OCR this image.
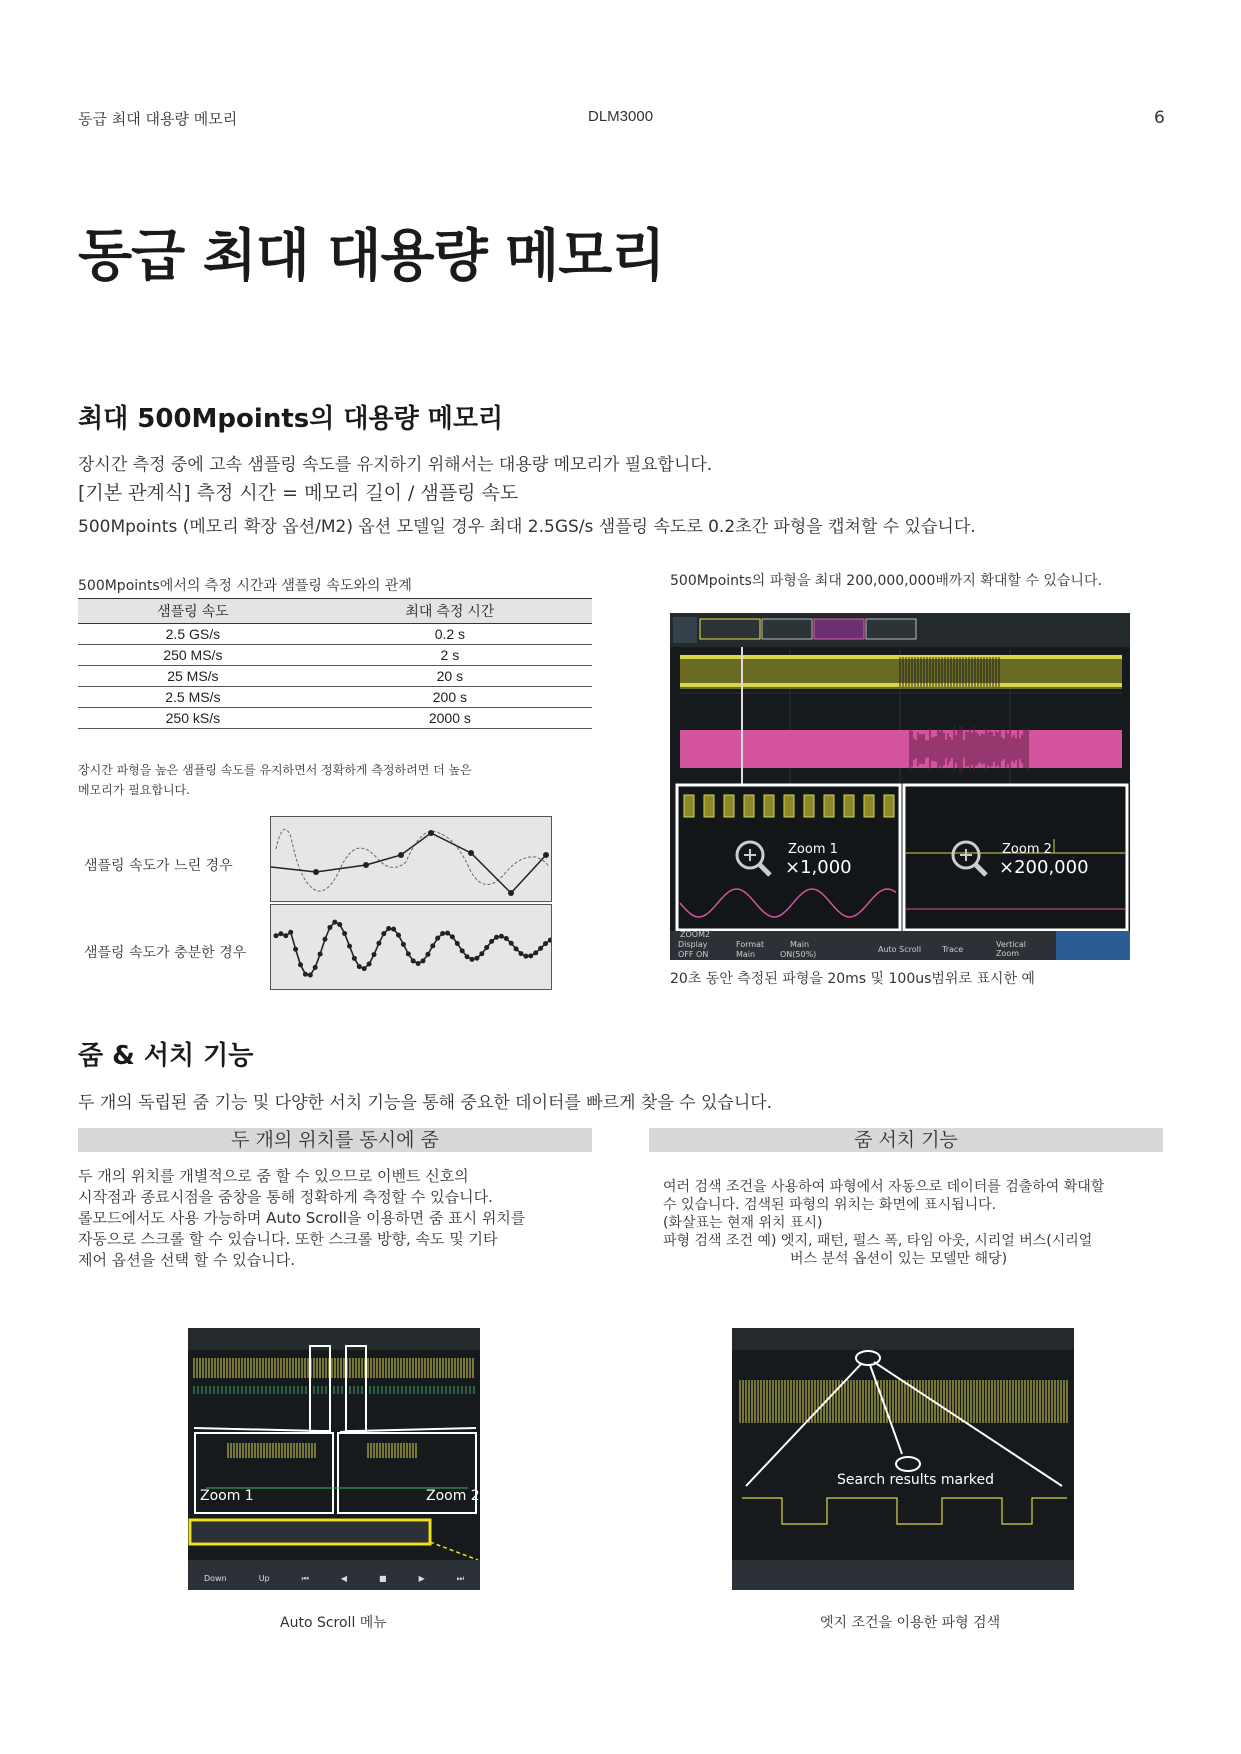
동급 최대 대용량 메모리	DLM3000	6
동급 최대 대용량 메모리
최대 500Mpoints의 대용량 메모리
장시간 측정 중에 고속 샘플링 속도를 유지하기 위해서는 대용량 메모리가 필요합니다.
[기본 관계식] 측정 시간 = 메모리 길이 / 샘플링 속도
500Mpoints (메모리 확장 옵션/M2) 옵션 모델일 경우 최대 2.5GS/s 샘플링 속도로 0.2초간 파형을 캡쳐할 수 있습니다.
500Mpoints에서의 측정 시간과 샘플링 속도와의 관계
샘플링 속도	최대 측정 시간
2.5 GS/s	0.2 s
250 MS/s	2 s
25 MS/s	20 s
2.5 MS/s	200 s
250 kS/s	2000 s
장시간 파형을 높은 샘플링 속도를 유지하면서 정확하게 측정하려면 더 높은
메모리가 필요합니다.
샘플링 속도가 느린 경우
샘플링 속도가 충분한 경우
500Mpoints의 파형을 최대 200,000,000배까지 확대할 수 있습니다.
Zoom 1
×1,000
Zoom 2
×200,000
ZOOM2
Display
OFF ON
Format
Main
Main
ON(50%)
Auto Scroll	Trace
Vertical Zoom
20초 동안 측정된 파형을 20ms 및 100us범위로 표시한 예
줌 & 서치 기능
두 개의 독립된 줌 기능 및 다양한 서치 기능을 통해 중요한 데이터를 빠르게 찾을 수 있습니다.
두 개의 위치를 동시에 줌	줌 서치 기능
두 개의 위치를 개별적으로 줌 할 수 있으므로 이벤트 신호의
시작점과 종료시점을 줌창을 통해 정확하게 측정할 수 있습니다.
롤모드에서도 사용 가능하며 Auto Scroll을 이용하면 줌 표시 위치를
자동으로 스크롤 할 수 있습니다. 또한 스크롤 방향, 속도 및 기타
제어 옵션을 선택 할 수 있습니다.
여러 검색 조건을 사용하여 파형에서 자동으로 데이터를 검출하여 확대할
수 있습니다. 검색된 파형의 위치는 화면에 표시됩니다.
(화살표는 현재 위치 표시)
파형 검색 조건 예) 엣지, 패턴, 펄스 폭, 타임 아웃, 시리얼 버스(시리얼
버스 분석 옵션이 있는 모델만 해당)
Zoom 1	Zoom 2
Down	Up	⏮	◀	■	▶	⏭
Auto Scroll 메뉴
Search results marked
엣지 조건을 이용한 파형 검색
